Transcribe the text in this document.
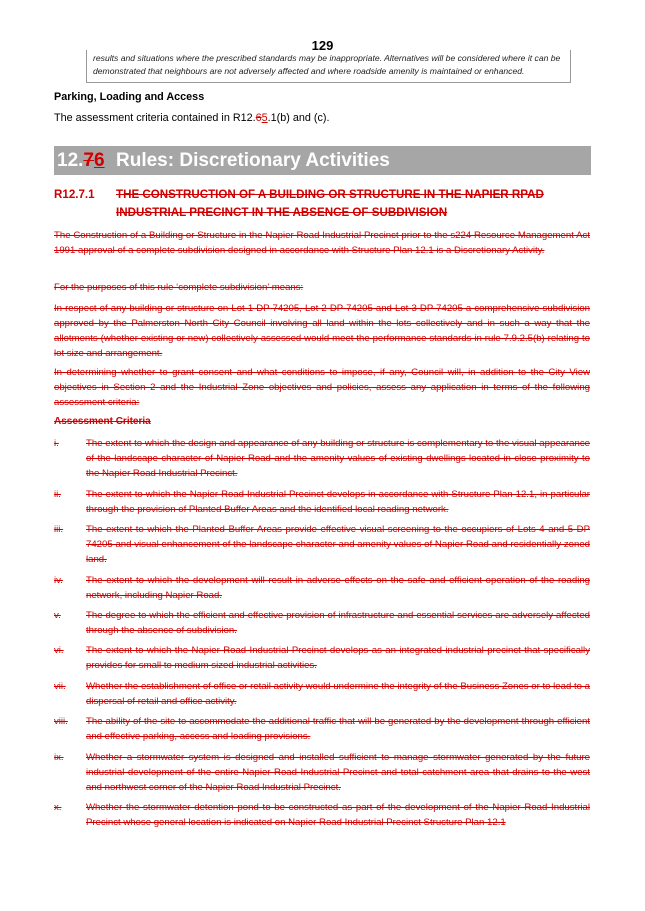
129
results and situations where the prescribed standards may be inappropriate. Alternatives will be considered where it can be demonstrated that neighbours are not adversely affected and where roadside amenity is maintained or enhanced.
Parking, Loading and Access
The assessment criteria contained in R12.65.1(b) and (c).
12.76 Rules: Discretionary Activities
R12.7.1 THE CONSTRUCTION OF A BUILDING OR STRUCTURE IN THE NAPIER RPAD
INDUSTRIAL PRECINCT IN THE ABSENCE OF SUBDIVISION
The Construction of a Building or Structure in the Napier Road Industrial Precinct prior to the s224 Resource Management Act 1991 approval of a complete subdivision designed in accordance with Structure Plan 12.1 is a Discretionary Activity.
For the purposes of this rule ‘complete subdivision’ means:
In respect of any building or structure on Lot 1 DP 74205, Lot 2 DP 74205 and Lot 3 DP 74205 a comprehensive subdivision approved by the Palmerston North City Council involving all land within the lots collectively and in such a way that the allotments (whether existing or new) collectively assessed would meet the performance standards in rule 7.9.2.5(b) relating to lot size and arrangement.
In determining whether to grant consent and what conditions to impose, if any, Council will, in addition to the City View objectives in Section 2 and the Industrial Zone objectives and policies, assess any application in terms of the following assessment criteria:
Assessment Criteria
i.	The extent to which the design and appearance of any building or structure is complementary to the visual appearance of the landscape character of Napier Road and the amenity values of existing dwellings located in close proximity to the Napier Road Industrial Precinct.
ii.	The extent to which the Napier Road Industrial Precinct develops in accordance with Structure Plan 12.1, in particular through the provision of Planted Buffer Areas and the identified local roading network.
iii.	The extent to which the Planted Buffer Areas provide effective visual screening to the occupiers of Lots 4 and 5 DP 74205 and visual enhancement of the landscape character and amenity values of Napier Road and residentially zoned land.
iv.	The extent to which the development will result in adverse effects on the safe and efficient operation of the roading network, including Napier Road.
v.	The degree to which the efficient and effective provision of infrastructure and essential services are adversely affected through the absence of subdivision.
vi.	The extent to which the Napier Road Industrial Precinct develops as an integrated industrial precinct that specifically provides for small to medium sized industrial activities.
vii.	Whether the establishment of office or retail activity would undermine the integrity of the Business Zones or to lead to a dispersal of retail and office activity.
viii.	The ability of the site to accommodate the additional traffic that will be generated by the development through efficient and effective parking, access and loading provisions.
ix.	Whether a stormwater system is designed and installed sufficient to manage stormwater generated by the future industrial development of the entire Napier Road Industrial Precinct and total catchment area that drains to the west and northwest corner of the Napier Road Industrial Precinct.
x.	Whether the stormwater detention pond to be constructed as part of the development of the Napier Road Industrial Precinct whose general location is indicated on Napier Road Industrial Precinct Structure Plan 12.1
